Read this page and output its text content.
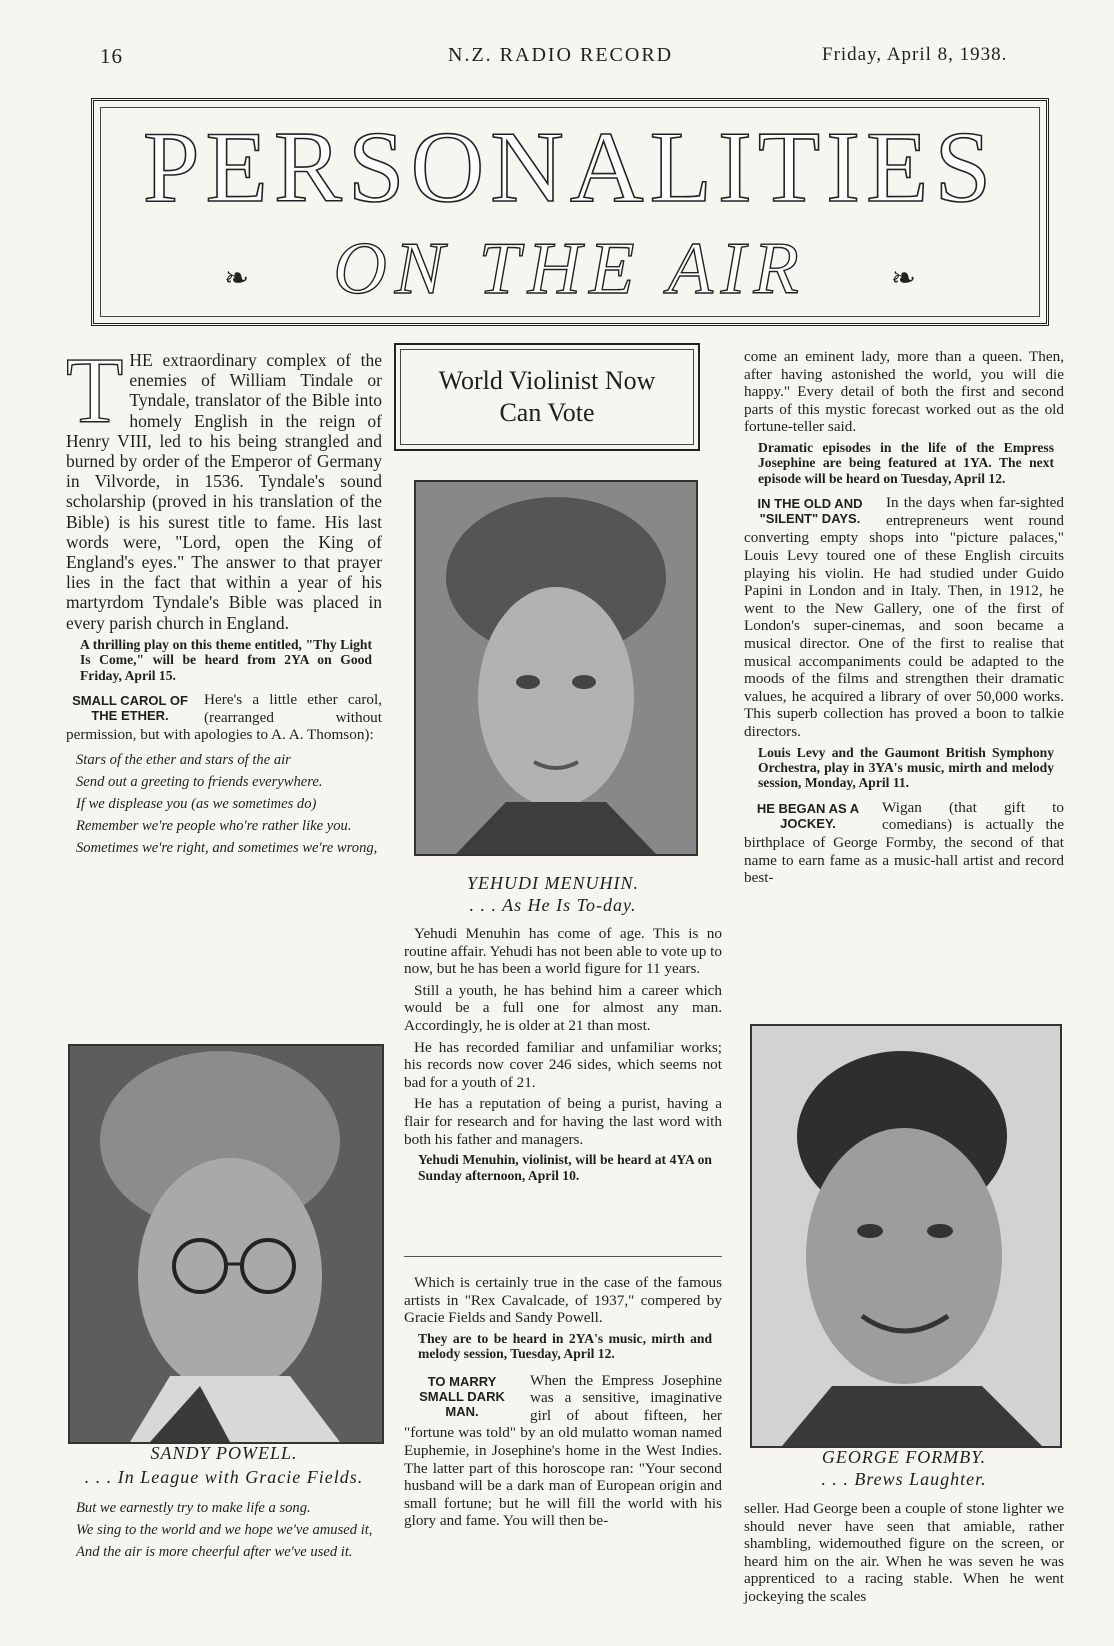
16	N.Z. RADIO RECORD	Friday, April 8, 1938.
PERSONALITIES
ON THE AIR
❧	❧

THE extraordinary complex of the enemies of William Tindale or Tyndale, translator of the Bible into homely English in the reign of Henry VIII, led to his being strangled and burned by order of the Emperor of Germany in Vilvorde, in 1536. Tyndale's sound scholarship (proved in his translation of the Bible) is his surest title to fame. His last words were, "Lord, open the King of England's eyes." The answer to that prayer lies in the fact that within a year of his martyrdom Tyndale's Bible was placed in every parish church in England.

A thrilling play on this theme entitled, "Thy Light Is Come," will be heard from 2YA on Good Friday, April 15.

SMALL CAROL OF THE ETHER.
Here's a little ether carol, (rearranged without permission, but with apologies to A. A. Thomson):

Stars of the ether and stars of the air

Send out a greeting to friends everywhere.

If we displease you (as we sometimes do)

Remember we're people who're rather like you.

Sometimes we're right, and sometimes we're wrong,

SANDY POWELL.
. . . In League with Gracie Fields.

But we earnestly try to make life a song.

We sing to the world and we hope we've amused it,

And the air is more cheerful after we've used it.

World Violinist Now
Can Vote
YEHUDI MENUHIN.
. . . As He Is To-day.

Yehudi Menuhin has come of age. This is no routine affair. Yehudi has not been able to vote up to now, but he has been a world figure for 11 years.

Still a youth, he has behind him a career which would be a full one for almost any man. Accordingly, he is older at 21 than most.

He has recorded familiar and unfamiliar works; his records now cover 246 sides, which seems not bad for a youth of 21.

He has a reputation of being a purist, having a flair for research and for having the last word with both his father and managers.

Yehudi Menuhin, violinist, will be heard at 4YA on Sunday afternoon, April 10.

Which is certainly true in the case of the famous artists in "Rex Cavalcade, of 1937," compered by Gracie Fields and Sandy Powell.

They are to be heard in 2YA's music, mirth and melody session, Tuesday, April 12.

TO MARRY SMALL DARK MAN.
When the Empress Josephine was a sensitive, imaginative girl of about fifteen, her "fortune was told" by an old mulatto woman named Euphemie, in Josephine's home in the West Indies. The latter part of this horoscope ran: "Your second husband will be a dark man of European origin and small fortune; but he will fill the world with his glory and fame. You will then be-

come an eminent lady, more than a queen. Then, after having astonished the world, you will die happy." Every detail of both the first and second parts of this mystic forecast worked out as the old fortune-teller said.

Dramatic episodes in the life of the Empress Josephine are being featured at 1YA. The next episode will be heard on Tuesday, April 12.

IN THE OLD AND "SILENT" DAYS.
In the days when far-sighted entrepreneurs went round converting empty shops into "picture palaces," Louis Levy toured one of these English circuits playing his violin. He had studied under Guido Papini in London and in Italy. Then, in 1912, he went to the New Gallery, one of the first of London's super-cinemas, and soon became a musical director. One of the first to realise that musical accompaniments could be adapted to the moods of the films and strengthen their dramatic values, he acquired a library of over 50,000 works. This superb collection has proved a boon to talkie directors.

Louis Levy and the Gaumont British Symphony Orchestra, play in 3YA's music, mirth and melody session, Monday, April 11.

HE BEGAN AS A JOCKEY.
Wigan (that gift to comedians) is actually the birthplace of George Formby, the second of that name to earn fame as a music-hall artist and record best-

GEORGE FORMBY.
. . . Brews Laughter.

seller. Had George been a couple of stone lighter we should never have seen that amiable, rather shambling, widemouthed figure on the screen, or heard him on the air. When he was seven he was apprenticed to a racing stable. When he went jockeying the scales
